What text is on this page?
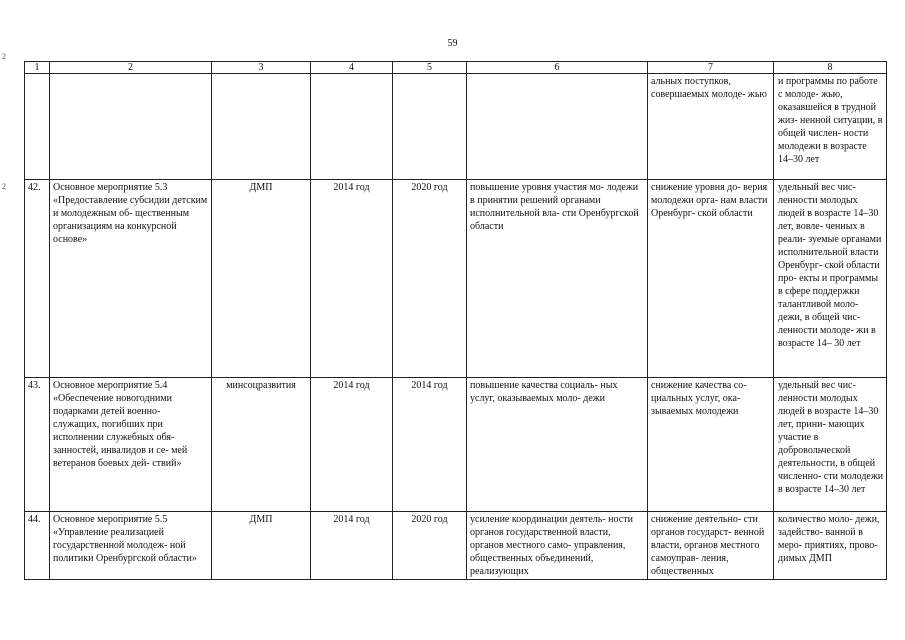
59
2
2
1	2	3	4	5	6	7	8
						альных поступков, совершаемых молоде- жью	и программы по работе с молоде- жью, оказавшейся в трудной жиз- ненной ситуации, в общей числен- ности молодежи в возрасте 14–30 лет
42.	Основное мероприятие 5.3 «Предоставление субсидии детским и молодежным об- щественным организациям на конкурсной основе»	ДМП	2014 год	2020 год	повышение уровня участия мо- лодежи в принятии решений органами исполнительной вла- сти Оренбургской области	снижение уровня до- верия молодежи орга- нам власти Оренбург- ской области	удельный вес чис- ленности молодых людей в возрасте 14–30 лет, вовле- ченных в реали- зуемые органами исполнительной власти Оренбург- ской области про- екты и программы в сфере поддержки талантливой моло- дежи, в общей чис- ленности молоде- жи в возрасте 14– 30 лет
43.	Основное мероприятие 5.4 «Обеспечение новогодними подарками детей военно- служащих, погибших при исполнении служебных обя- занностей, инвалидов и се- мей ветеранов боевых дей- ствий»	минсоцразвития	2014 год	2014 год	повышение качества социаль- ных услуг, оказываемых моло- дежи	снижение качества со- циальных услуг, ока- зываемых молодежи	удельный вес чис- ленности молодых людей в возрасте 14–30 лет, прини- мающих участие в добровольческой деятельности, в общей численно- сти молодежи в возрасте 14–30 лет
44.	Основное мероприятие 5.5 «Управление реализацией государственной молодеж- ной политики Оренбургской области»	ДМП	2014 год	2020 год	усиление координации деятель- ности органов государственной власти, органов местного само- управления, общественных объединений, реализующих	снижение деятельно- сти органов государст- венной власти, органов местного самоуправ- ления, общественных	количество моло- дежи, задейство- ванной в меро- приятиях, прово- димых ДМП
